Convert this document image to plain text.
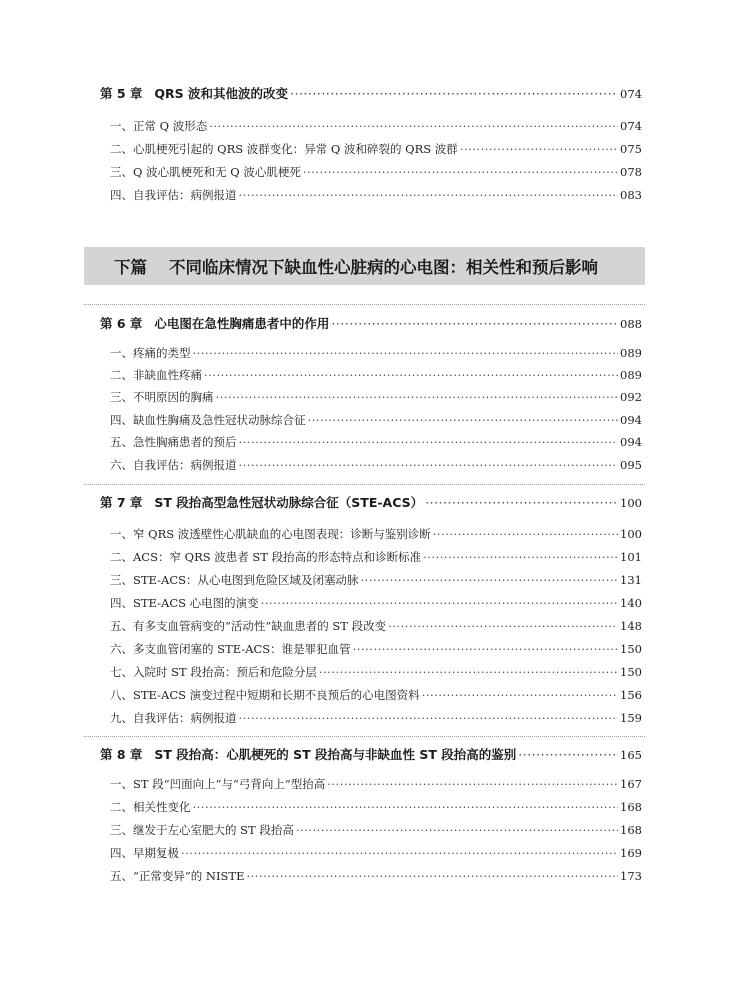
第 5 章 QRS 波和其他波的改变 ·····	074
一、正常 Q 波形态 ·····	074
二、心肌梗死引起的 QRS 波群变化：异常 Q 波和碎裂的 QRS 波群 ·····	075
三、Q 波心肌梗死和无 Q 波心肌梗死 ·····	078
四、自我评估：病例报道 ·····	083
下篇 不同临床情况下缺血性心脏病的心电图：相关性和预后影响
第 6 章 心电图在急性胸痛患者中的作用 ·····	088
一、疼痛的类型 ·····	089
二、非缺血性疼痛 ·····	089
三、不明原因的胸痛 ·····	092
四、缺血性胸痛及急性冠状动脉综合征 ·····	094
五、急性胸痛患者的预后 ·····	094
六、自我评估：病例报道 ·····	095
第 7 章 ST 段抬高型急性冠状动脉综合征（STE-ACS） ·····	100
一、窄 QRS 波透壁性心肌缺血的心电图表现：诊断与鉴别诊断 ·····	100
二、ACS：窄 QRS 波患者 ST 段抬高的形态特点和诊断标准 ·····	101
三、STE-ACS：从心电图到危险区域及闭塞动脉 ·····	131
四、STE-ACS 心电图的演变 ·····	140
五、有多支血管病变的“活动性”缺血患者的 ST 段改变 ·····	148
六、多支血管闭塞的 STE-ACS：谁是罪犯血管 ·····	150
七、入院时 ST 段抬高：预后和危险分层 ·····	150
八、STE-ACS 演变过程中短期和长期不良预后的心电图资料 ·····	156
九、自我评估：病例报道 ·····	159
第 8 章 ST 段抬高：心肌梗死的 ST 段抬高与非缺血性 ST 段抬高的鉴别 ·····	165
一、ST 段“凹面向上”与“弓背向上”型抬高 ·····	167
二、相关性变化 ·····	168
三、继发于左心室肥大的 ST 段抬高 ·····	168
四、早期复极 ·····	169
五、“正常变异”的 NISTE ·····	173
